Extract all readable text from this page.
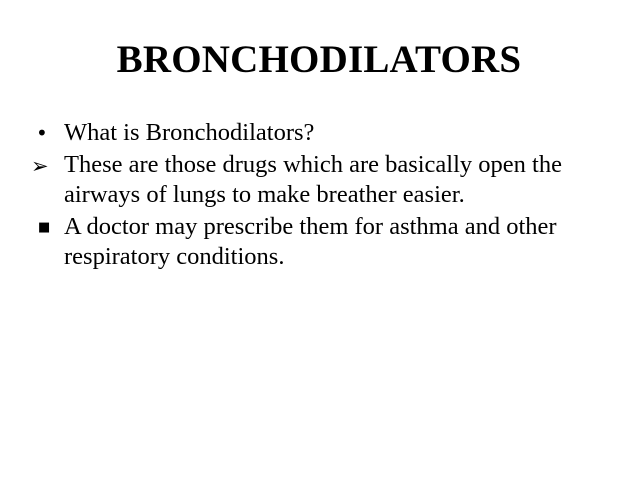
BRONCHODILATORS
• What is Bronchodilators?
➢ These are those drugs which are basically open the airways of lungs to make breather easier.
■ A doctor may prescribe them for asthma and other respiratory conditions.
